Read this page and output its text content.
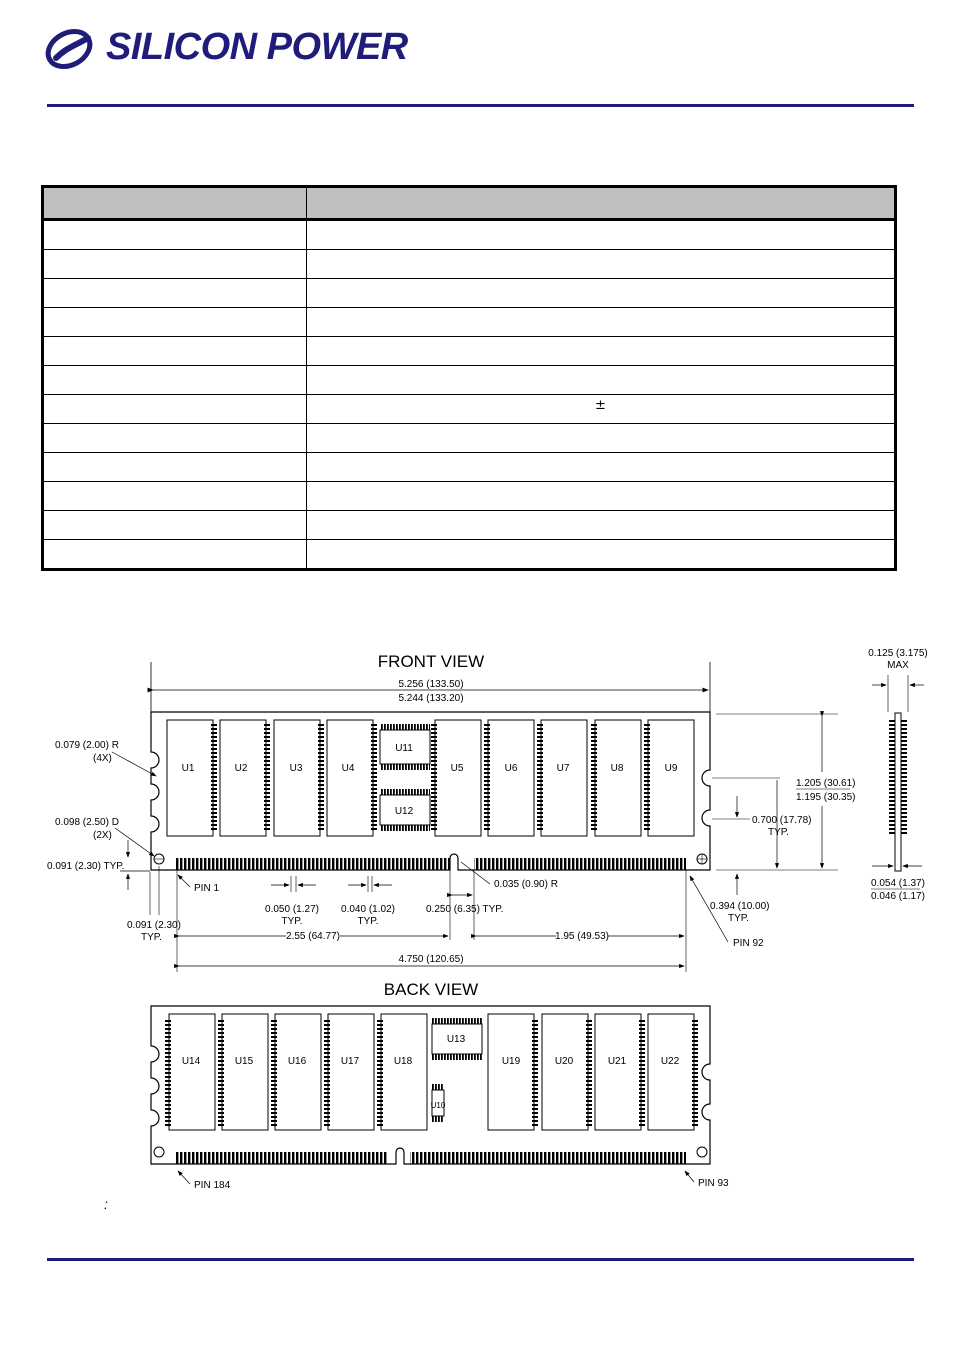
SILICON POWER
±
FRONT VIEW
5.256 (133.50)
5.244 (133.20)
U1	U2	U3	U4	U5	U6	U7	U8	U9
U11
U12
0.079 (2.00) R
(4X)
0.098 (2.50) D
(2X)
0.091 (2.30) TYP.
0.091 (2.30)
TYP.
PIN 1
0.050 (1.27)
TYP.
0.040 (1.02)
TYP.
0.250 (6.35) TYP.
0.035 (0.90) R
2.55 (64.77)	1.95 (49.53)
4.750 (120.65)
1.205 (30.61)
1.195 (30.35)
0.700 (17.78)
TYP.
0.394 (10.00)
TYP.
PIN 92
0.125 (3.175)
MAX
0.054 (1.37)
0.046 (1.17)
BACK VIEW
U14	U15	U16	U17	U18	U19	U20	U21	U22
U13
U10
PIN 184	PIN 93
:
